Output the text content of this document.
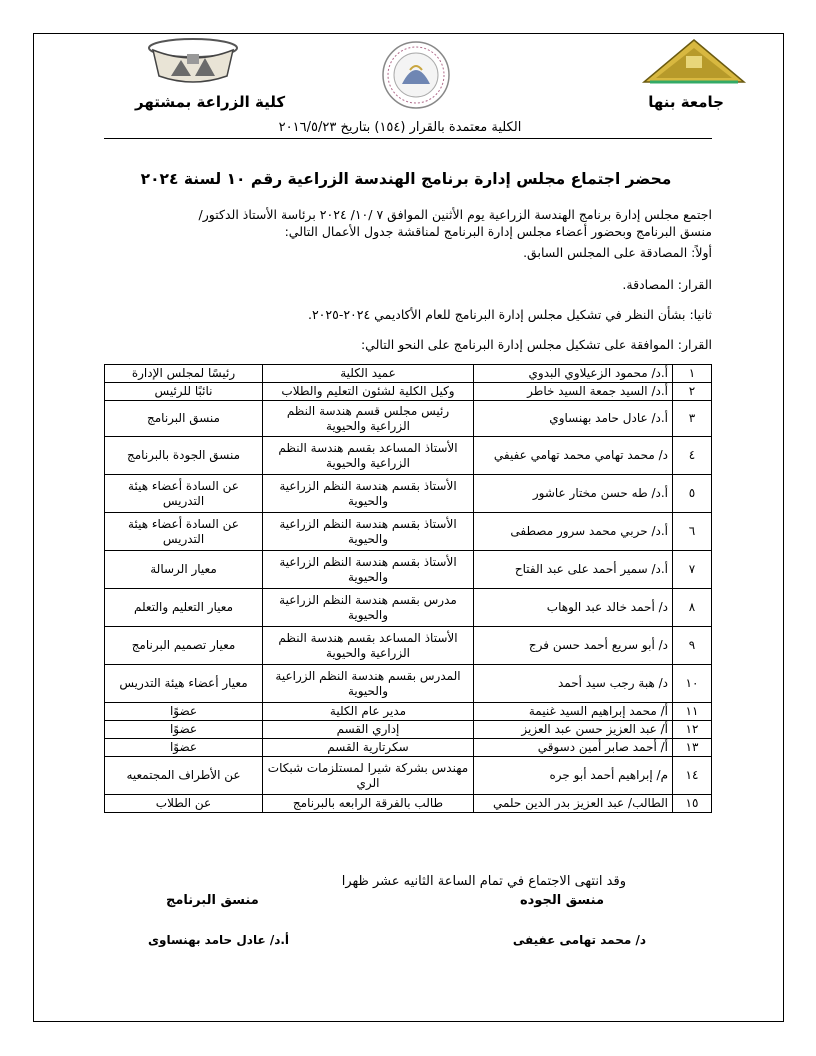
جامعة بنها
كلية الزراعة بمشتهر
الكلية معتمدة بالقرار (١٥٤) بتاريخ ٢٠١٦/٥/٢٣
محضر اجتماع مجلس إدارة برنامج الهندسة الزراعية رقم ١٠ لسنة ٢٠٢٤
اجتمع مجلس إدارة برنامج الهندسة الزراعية يوم الأثنين الموافق ٧ /١٠/ ٢٠٢٤ برئاسة الأستاذ الدكتور/
منسق البرنامج وبحضور أعضاء مجلس إدارة البرنامج لمناقشة جدول الأعمال التالي:
أولاً: المصادقة على المجلس السابق.
القرار: المصادقة.
ثانيا: بشأن النظر في تشكيل مجلس إدارة البرنامج للعام الأكاديمي ٢٠٢٤-٢٠٢٥.
القرار: الموافقة على تشكيل مجلس إدارة البرنامج على النحو التالي:
١	أ.د/ محمود الزعيلاوي البدوي	عميد الكلية	رئيسًا لمجلس الإدارة
٢	أ.د/ السيد جمعة السيد خاطر	وكيل الكلية لشئون التعليم والطلاب	نائبًا للرئيس
٣	أ.د/ عادل حامد بهنساوي	رئيس مجلس قسم هندسة النظم الزراعية والحيوية	منسق البرنامج
٤	د/ محمد تهامي محمد تهامي عفيفي	الأستاذ المساعد بقسم هندسة النظم الزراعية والحيوية	منسق الجودة بالبرنامج
٥	أ.د/ طه حسن مختار عاشور	الأستاذ بقسم هندسة النظم الزراعية والحيوية	عن السادة أعضاء هيئة التدريس
٦	أ.د/ حربي محمد سرور مصطفى	الأستاذ بقسم هندسة النظم الزراعية والحيوية	عن السادة أعضاء هيئة التدريس
٧	أ.د/ سمير أحمد على عبد الفتاح	الأستاذ بقسم هندسة النظم الزراعية والحيوية	معيار الرسالة
٨	د/ أحمد خالد عبد الوهاب	مدرس بقسم هندسة النظم الزراعية والحيوية	معيار التعليم والتعلم
٩	د/ أبو سريع أحمد حسن فرج	الأستاذ المساعد بقسم هندسة النظم الزراعية والحيوية	معيار تصميم البرنامج
١٠	د/ هبة رجب سيد أحمد	المدرس بقسم هندسة النظم الزراعية والحيوية	معيار أعضاء هيئة التدريس
١١	أ/ محمد إبراهيم السيد غنيمة	مدير عام الكلية	عضوًا
١٢	أ/ عبد العزيز حسن عبد العزيز	إداري القسم	عضوًا
١٣	أ/ أحمد صابر أمين دسوقي	سكرتارية القسم	عضوًا
١٤	م/ إبراهيم أحمد أبو جره	مهندس بشركة شيرا لمستلزمات شبكات الري	عن الأطراف المجتمعيه
١٥	الطالب/ عبد العزيز بدر الدين حلمي	طالب بالفرقة الرابعه بالبرنامج	عن الطلاب
وقد انتهى الاجتماع في تمام الساعة الثانيه عشر ظهرا
منسق الجوده
منسق البرنامج
د/ محمد تهامى عفيفى
أ.د/ عادل حامد بهنساوى
